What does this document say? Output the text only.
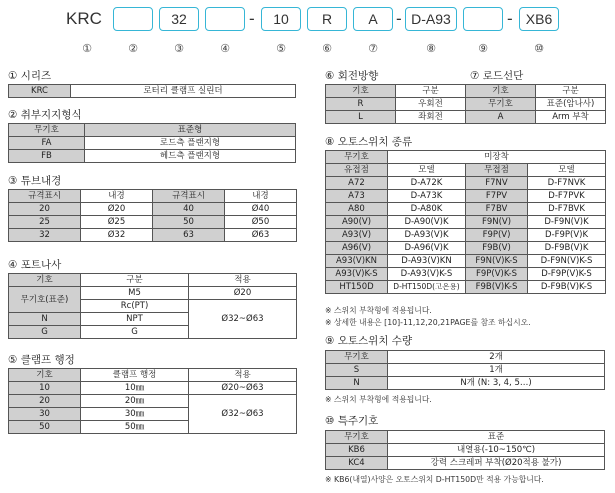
KRC	32	-	10	R	A	- D-A93	- XB6
①	②	③	④	⑤	⑥	⑦	⑧	⑨	⑩
① 시리즈
KRC	로터리 클램프 실린더
② 취부지지형식
무기호	표준형
FA	로드측 플랜지형
FB	헤드측 플랜지형
③ 튜브내경
규격표시	내경	규격표시	내경
20	Ø20	40	Ø40
25	Ø25	50	Ø50
32	Ø32	63	Ø63
④ 포트나사
기호	구분	적용
무기호(표준)	M5	Ø20
	Rc(PT)	Ø32~Ø63
N	NPT	
G	G	
⑤ 클램프 행정
기호	클램프 행정	적용
10	10㎜	Ø20~Ø63
20	20㎜	Ø32~Ø63
30	30㎜	
50	50㎜	
⑥ 회전방향
기호	구분
R	우회전
L	좌회전
⑦ 로드선단
기호	구분
무기호	표준(암나사)
A	Arm 부착
⑧ 오토스위치 종류
무기호	미장착		
유접점	모델	무접점	모델
A72	D-A72K	F7NV	D-F7NVK
A73	D-A73K	F7PV	D-F7PVK
A80	D-A80K	F7BV	D-F7BVK
A90(V)	D-A90(V)K	F9N(V)	D-F9N(V)K
A93(V)	D-A93(V)K	F9P(V)	D-F9P(V)K
A96(V)	D-A96(V)K	F9B(V)	D-F9B(V)K
A93(V)KN	D-A93(V)KN	F9N(V)K-S	D-F9N(V)K-S
A93(V)K-S	D-A93(V)K-S	F9P(V)K-S	D-F9P(V)K-S
HT150D	D-HT150D(고온용)	F9B(V)K-S	D-F9B(V)K-S
※ 스위치 부착형에 적용됩니다.
※ 상세한 내용은 [10]-11,12,20,21PAGE를 참조 하십시오.
⑨ 오토스위치 수량
무기호	2개
S	1개
N	N개 (N: 3, 4, 5…)
※ 스위치 부착형에 적용됩니다.
⑩ 특주기호
무기호	표준
KB6	내열용(-10~150℃)
KC4	강력 스크레퍼 부착(Ø20적용 불가)
※ KB6(내열)사양은 오토스위치 D-HT150D만 적용 가능합니다.
